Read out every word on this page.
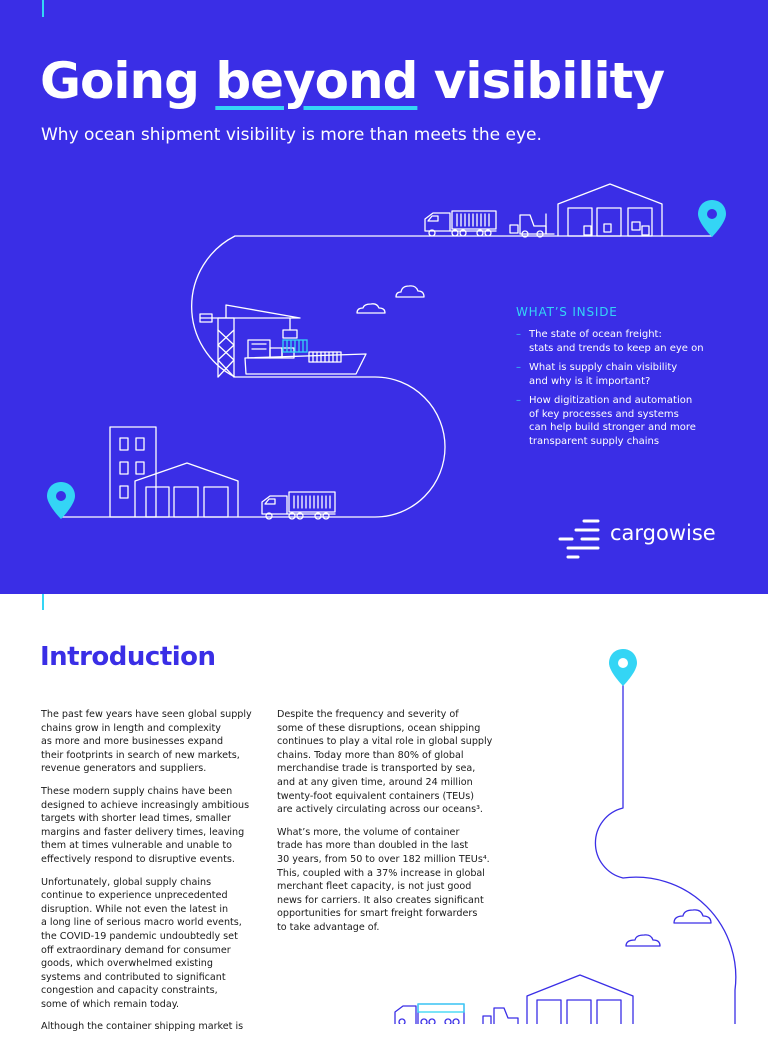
Going beyond visibility
Why ocean shipment visibility is more than meets the eye.
WHAT’S INSIDE
– The state of ocean freight:
stats and trends to keep an eye on
– What is supply chain visibility
and why is it important?
– How digitization and automation
of key processes and systems
can help build stronger and more
transparent supply chains
cargowise
Introduction

The past few years have seen global supply
chains grow in length and complexity
as more and more businesses expand
their footprints in search of new markets,
revenue generators and suppliers.

These modern supply chains have been
designed to achieve increasingly ambitious
targets with shorter lead times, smaller
margins and faster delivery times, leaving
them at times vulnerable and unable to
effectively respond to disruptive events.

Unfortunately, global supply chains
continue to experience unprecedented
disruption. While not even the latest in
a long line of serious macro world events,
the COVID-19 pandemic undoubtedly set
off extraordinary demand for consumer
goods, which overwhelmed existing
systems and contributed to significant
congestion and capacity constraints,
some of which remain today.

Although the container shipping market is

Despite the frequency and severity of
some of these disruptions, ocean shipping
continues to play a vital role in global supply
chains. Today more than 80% of global
merchandise trade is transported by sea,
and at any given time, around 24 million
twenty-foot equivalent containers (TEUs)
are actively circulating across our oceans³.

What’s more, the volume of container
trade has more than doubled in the last
30 years, from 50 to over 182 million TEUs⁴.
This, coupled with a 37% increase in global
merchant fleet capacity, is not just good
news for carriers. It also creates significant
opportunities for smart freight forwarders
to take advantage of.
